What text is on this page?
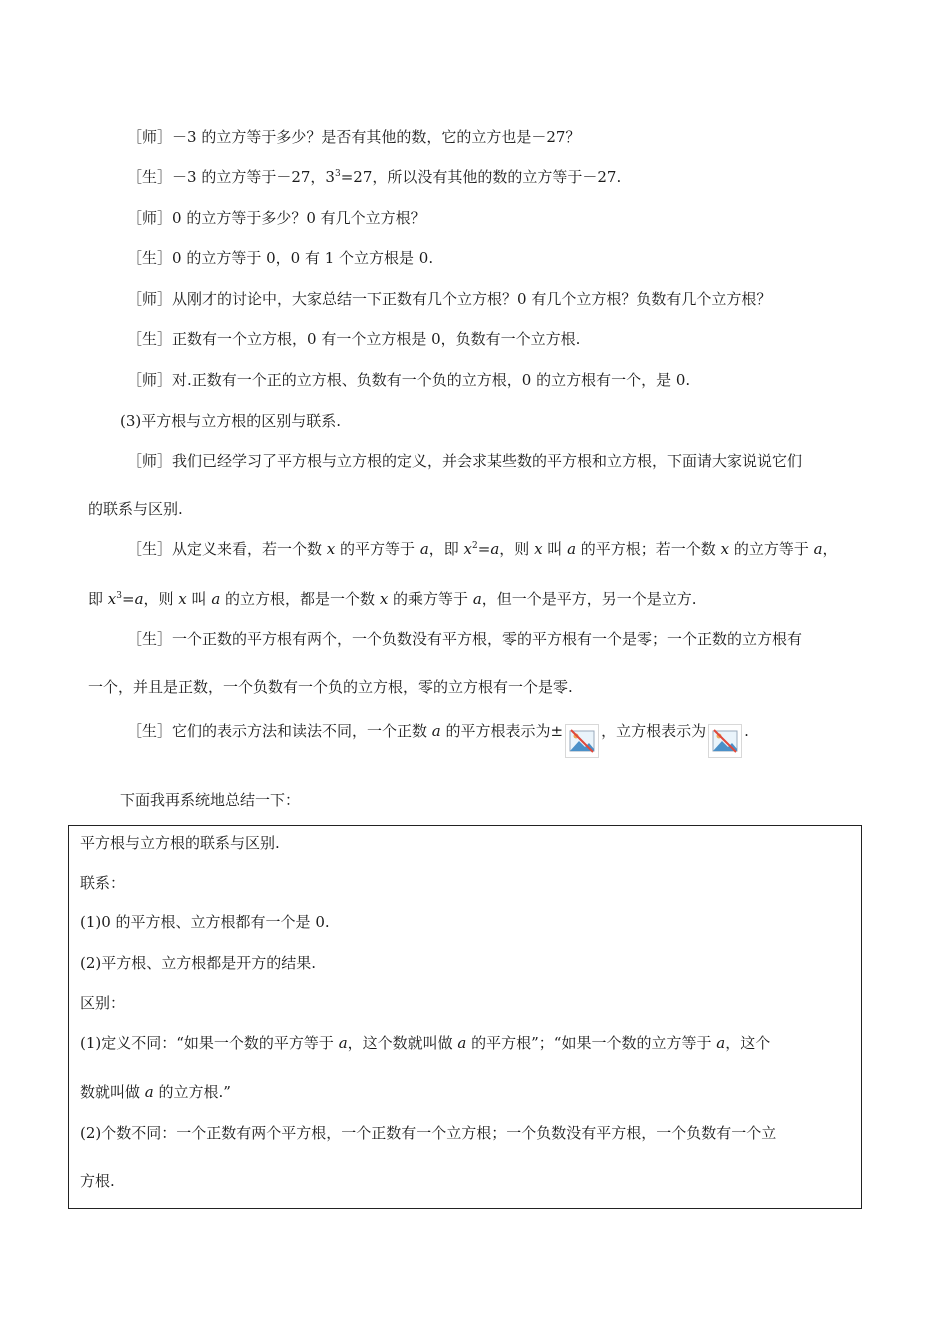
［师］－3 的立方等于多少？是否有其他的数，它的立方也是－27？
［生］－3 的立方等于－27，$3^3=27$，所以没有其他的数的立方等于－27.
［师］0 的立方等于多少？0 有几个立方根？
［生］0 的立方等于 0，0 有 1 个立方根是 0.
［师］从刚才的讨论中，大家总结一下正数有几个立方根？0 有几个立方根？负数有几个立方根？
［生］正数有一个立方根，0 有一个立方根是 0，负数有一个立方根.
［师］对.正数有一个正的立方根、负数有一个负的立方根，0 的立方根有一个，是 0.
(3)平方根与立方根的区别与联系.
［师］我们已经学习了平方根与立方根的定义，并会求某些数的平方根和立方根，下面请大家说说它们
的联系与区别.
［生］从定义来看，若一个数 x 的平方等于 a，即 $x^2=a$，则 x 叫 a 的平方根；若一个数 x 的立方等于 a，
即 $x^3=a$，则 x 叫 a 的立方根，都是一个数 x 的乘方等于 a，但一个是平方，另一个是立方.
［生］一个正数的平方根有两个，一个负数没有平方根，零的平方根有一个是零；一个正数的立方根有
一个，并且是正数，一个负数有一个负的立方根，零的立方根有一个是零.
［生］它们的表示方法和读法不同，一个正数 a 的平方根表示为±	，立方根表示为	.
下面我再系统地总结一下：
平方根与立方根的联系与区别.
联系：
(1)0 的平方根、立方根都有一个是 0.
(2)平方根、立方根都是开方的结果.
区别：
(1)定义不同：“如果一个数的平方等于 a，这个数就叫做 a 的平方根”；“如果一个数的立方等于 a，这个
数就叫做 a 的立方根.”
(2)个数不同：一个正数有两个平方根，一个正数有一个立方根；一个负数没有平方根，一个负数有一个立
方根.
